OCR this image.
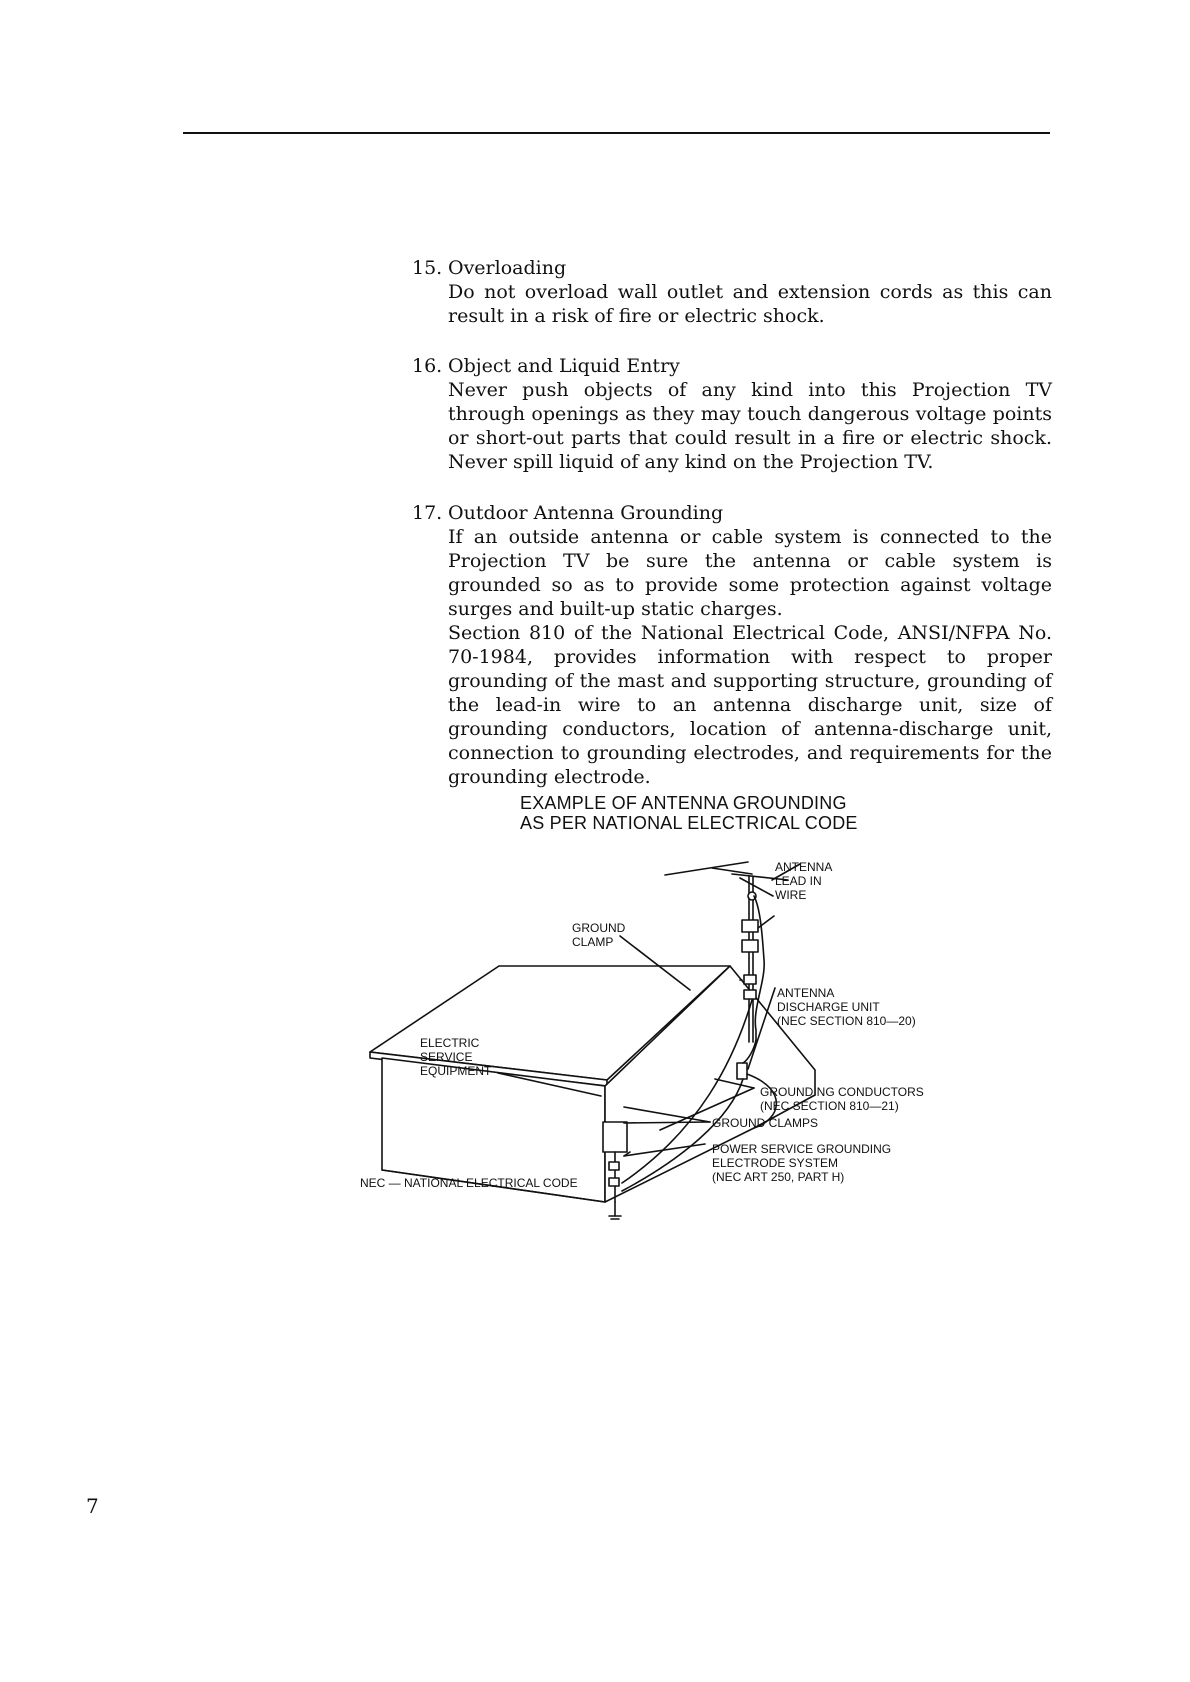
15. Overloading

Do not overload wall outlet and extension cords as this can result in a risk of fire or electric shock.

16. Object and Liquid Entry

Never push objects of any kind into this Projection TV through openings as they may touch dangerous voltage points or short-out parts that could result in a fire or electric shock. Never spill liquid of any kind on the Projection TV.

17. Outdoor Antenna Grounding

If an outside antenna or cable system is connected to the Projection TV be sure the antenna or cable system is grounded so as to provide some protection against voltage surges and built-up static charges.

Section 810 of the National Electrical Code, ANSI/NFPA No. 70-1984, provides information with respect to proper grounding of the mast and supporting structure, grounding of the lead-in wire to an antenna discharge unit, size of grounding conductors, location of antenna-discharge unit, connection to grounding electrodes, and requirements for the grounding electrode.

EXAMPLE OF ANTENNA GROUNDING
AS PER NATIONAL ELECTRICAL CODE
ANTENNA
LEAD IN
WIRE
GROUND
CLAMP
ANTENNA
DISCHARGE UNIT
(NEC SECTION 810—20)
ELECTRIC
SERVICE
EQUIPMENT
GROUNDING CONDUCTORS
(NEC SECTION 810—21)
GROUND CLAMPS
POWER SERVICE GROUNDING
ELECTRODE SYSTEM
(NEC ART 250, PART H)
NEC — NATIONAL ELECTRICAL CODE
7
